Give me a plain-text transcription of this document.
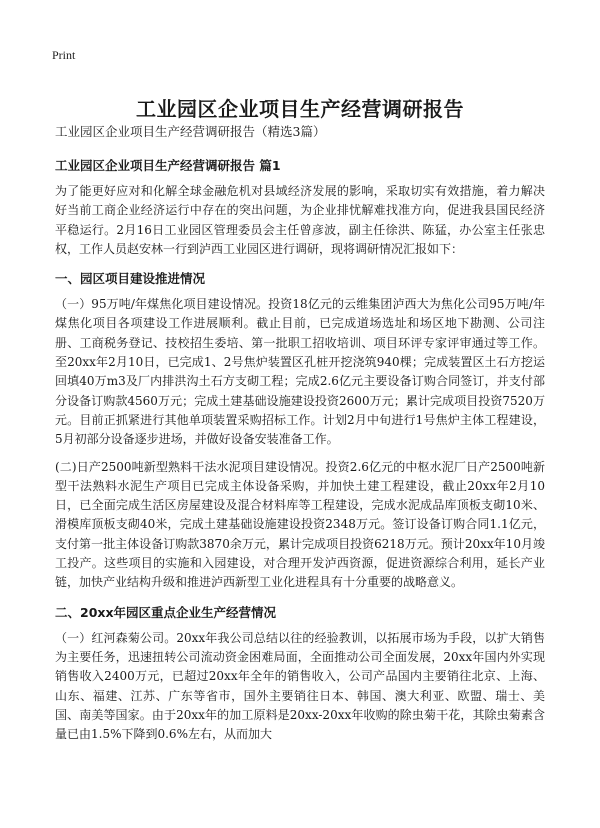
Print
工业园区企业项目生产经营调研报告

工业园区企业项目生产经营调研报告（精选3篇）

工业园区企业项目生产经营调研报告 篇1

为了能更好应对和化解全球金融危机对县域经济发展的影响，采取切实有效措施，着力解决好当前工商企业经济运行中存在的突出问题，为企业排忧解难找准方向，促进我县国民经济平稳运行。2月16日工业园区管理委员会主任曾彦波，副主任徐洪、陈猛，办公室主任张忠权，工作人员赵安林一行到泸西工业园区进行调研，现将调研情况汇报如下：

一、园区项目建设推进情况

（一）95万吨/年煤焦化项目建设情况。投资18亿元的云维集团泸西大为焦化公司95万吨/年煤焦化项目各项建设工作进展顺利。截止目前，已完成道场选址和场区地下勘测、公司注册、工商税务登记、技校招生委培、第一批职工招收培训、项目环评专家评审通过等工作。至20xx年2月10日，已完成1、2号焦炉装置区孔桩开挖浇筑940棵；完成装置区土石方挖运回填40万m3及厂内排洪沟土石方支砌工程；完成2.6亿元主要设备订购合同签订，并支付部分设备订购款4560万元；完成土建基础设施建设投资2600万元；累计完成项目投资7520万元。目前正抓紧进行其他单项装置采购招标工作。计划2月中旬进行1号焦炉主体工程建设，5月初部分设备逐步进场，并做好设备安装准备工作。

(二)日产2500吨新型熟料干法水泥项目建设情况。投资2.6亿元的中枢水泥厂日产2500吨新型干法熟料水泥生产项目已完成主体设备采购，并加快土建工程建设，截止20xx年2月10日，已全面完成生活区房屋建设及混合材料库等工程建设，完成水泥成品库顶板支砌10米、滑模库顶板支砌40米，完成土建基础设施建设投资2348万元。签订设备订购合同1.1亿元，支付第一批主体设备订购款3870余万元，累计完成项目投资6218万元。预计20xx年10月竣工投产。这些项目的实施和入园建设，对合理开发泸西资源，促进资源综合利用，延长产业链，加快产业结构升级和推进泸西新型工业化进程具有十分重要的战略意义。

二、20xx年园区重点企业生产经营情况

（一）红河森菊公司。20xx年我公司总结以往的经验教训，以拓展市场为手段，以扩大销售为主要任务，迅速扭转公司流动资金困难局面，全面推动公司全面发展，20xx年国内外实现销售收入2400万元，已超过20xx年全年的销售收入，公司产品国内主要销往北京、上海、山东、福建、江苏、广东等省市，国外主要销往日本、韩国、澳大利亚、欧盟、瑞士、美国、南美等国家。由于20xx年的加工原料是20xx-20xx年收购的除虫菊干花，其除虫菊素含量已由1.5%下降到0.6%左右，从而加大
